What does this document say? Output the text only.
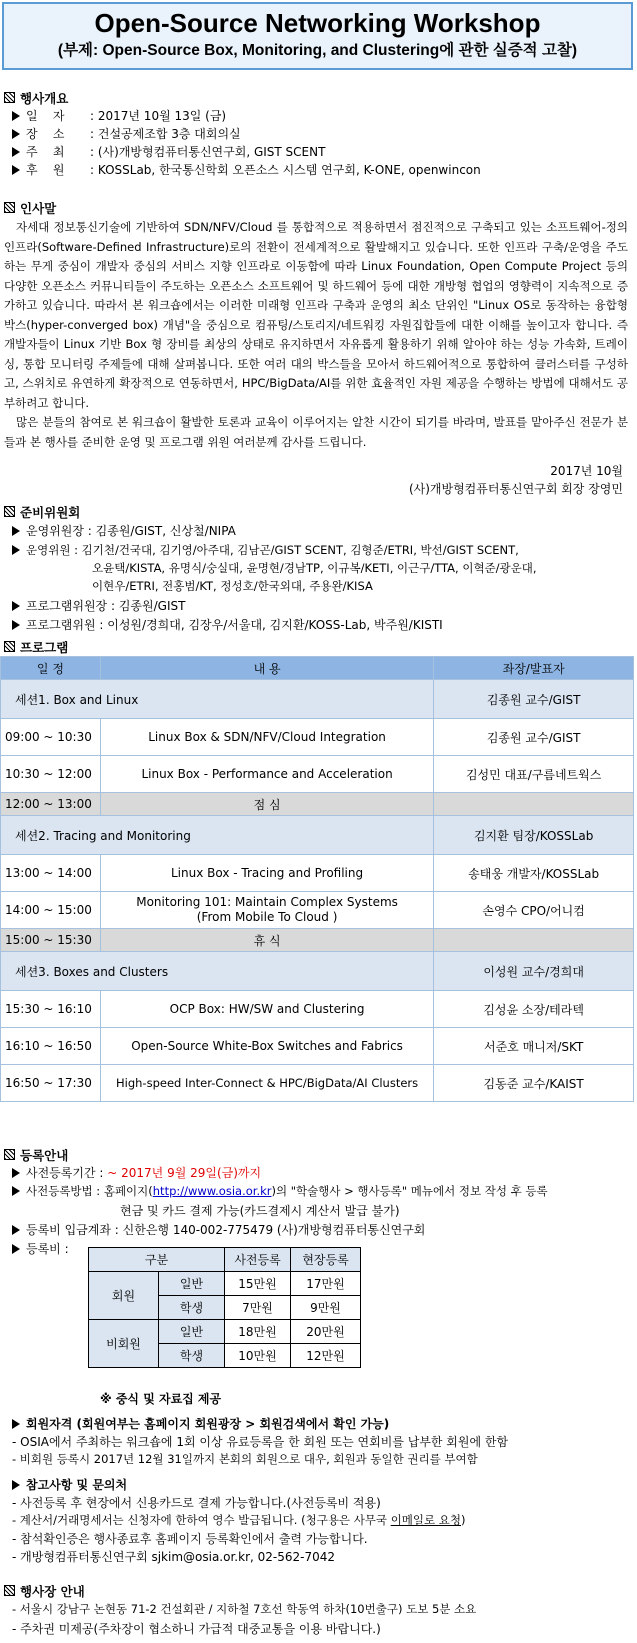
Open-Source Networking Workshop
(부제: Open-Source Box, Monitoring, and Clustering에 관한 실증적 고찰)
행사개요
일    자 : 2017년 10월 13일 (금)
장    소 : 건설공제조합 3층 대회의실
주    최 : (사)개방형컴퓨터통신연구회, GIST SCENT
후    원 : KOSSLab, 한국통신학회 오픈소스 시스템 연구회, K-ONE, openwincon
인사말

자세대 정보통신기술에 기반하여 SDN/NFV/Cloud 를 통합적으로 적용하면서 점진적으로 구축되고 있는 소프트웨어-정의 인프라(Software-Defined Infrastructure)로의 전환이 전세계적으로 활발해지고 있습니다. 또한 인프라 구축/운영을 주도하는 무게 중심이 개발자 중심의 서비스 지향 인프라로 이동함에 따라 Linux Foundation, Open Compute Project 등의 다양한 오픈소스 커뮤니티들이 주도하는 오픈소스 소프트웨어 및 하드웨어 등에 대한 개방형 협업의 영향력이 지속적으로 증가하고 있습니다. 따라서 본 워크숍에서는 이러한 미래형 인프라 구축과 운영의 최소 단위인 "Linux OS로 동작하는 융합형 박스(hyper-converged box) 개념"을 중심으로 컴퓨팅/스토리지/네트워킹 자원집합들에 대한 이해를 높이고자 합니다. 즉 개발자들이 Linux 기반 Box 형 장비를 최상의 상태로 유지하면서 자유롭게 활용하기 위해 알아야 하는 성능 가속화, 트레이싱, 통합 모니터링 주제들에 대해 살펴봅니다. 또한 여러 대의 박스들을 모아서 하드웨어적으로 통합하여 클러스터를 구성하고, 스위치로 유연하게 확장적으로 연동하면서, HPC/BigData/AI를 위한 효율적인 자원 제공을 수행하는 방법에 대해서도 공부하려고 합니다.

많은 분들의 참여로 본 워크숍이 활발한 토론과 교육이 이루어지는 알찬 시간이 되기를 바라며, 발표를 맡아주신 전문가 분들과 본 행사를 준비한 운영 및 프로그램 위원 여러분께 감사를 드립니다.

2017년 10월
(사)개방형컴퓨터통신연구회 회장 장영민
준비위원회
운영위원장 : 김종원/GIST, 신상철/NIPA
운영위원 : 김기천/건국대, 김기영/아주대, 김남곤/GIST SCENT, 김형준/ETRI, 박선/GIST SCENT,
오윤택/KISTA, 유명식/숭실대, 윤명현/경남TP, 이규복/KETI, 이근구/TTA, 이혁준/광운대,
이현우/ETRI, 전홍범/KT, 정성호/한국외대, 주용완/KISA
프로그램위원장 : 김종원/GIST
프로그램위원 : 이성원/경희대, 김장우/서울대, 김지환/KOSS-Lab, 박주원/KISTI
프로그램
일 정	내 용	좌장/발표자
세션1. Box and Linux		김종원 교수/GIST
09:00 ~ 10:30	Linux Box & SDN/NFV/Cloud Integration	김종원 교수/GIST
10:30 ~ 12:00	Linux Box - Performance and Acceleration	김성민 대표/구름네트웍스
12:00 ~ 13:00	점 심	
세션2. Tracing and Monitoring		김지환 팀장/KOSSLab
13:00 ~ 14:00	Linux Box - Tracing and Profiling	송태웅 개발자/KOSSLab
14:00 ~ 15:00	Monitoring 101: Maintain Complex Systems
(From Mobile To Cloud )	손영수 CPO/어니컴
15:00 ~ 15:30	휴 식	
세션3. Boxes and Clusters		이성원 교수/경희대
15:30 ~ 16:10	OCP Box: HW/SW and Clustering	김성윤 소장/테라텍
16:10 ~ 16:50	Open-Source White-Box Switches and Fabrics	서준호 매니저/SKT
16:50 ~ 17:30	High-speed Inter-Connect & HPC/BigData/AI Clusters	김동준 교수/KAIST
등록안내
사전등록기간 : ~ 2017년 9월 29일(금)까지
사전등록방법 : 홈페이지(http://www.osia.or.kr)의 "학술행사 > 행사등록" 메뉴에서 정보 작성 후 등록
현금 및 카드 결제 가능(카드결제시 계산서 발급 불가)
등록비 입금계좌 : 신한은행 140-002-775479 (사)개방형컴퓨터통신연구회
등록비 :
구분		사전등록	현장등록
회원	일반	15만원	17만원
	학생	7만원	9만원
비회원	일반	18만원	20만원
	학생	10만원	12만원
※ 중식 및 자료집 제공
회원자격 (회원여부는 홈페이지 회원광장 > 회원검색에서 확인 가능)
- OSIA에서 주최하는 워크숍에 1회 이상 유료등록을 한 회원 또는 연회비를 납부한 회원에 한함
- 비회원 등록시 2017년 12월 31일까지 본회의 회원으로 대우, 회원과 동일한 권리를 부여함
참고사항 및 문의처
- 사전등록 후 현장에서 신용카드로 결제 가능합니다.(사전등록비 적용)
- 계산서/거래명세서는 신청자에 한하여 영수 발급됩니다. (청구용은 사무국 이메일로 요청)
- 참석확인증은 행사종료후 홈페이지 등록확인에서 출력 가능합니다.
- 개방형컴퓨터통신연구회 sjkim@osia.or.kr, 02-562-7042
행사장 안내
- 서울시 강남구 논현동 71-2 건설회관 / 지하철 7호선 학동역 하차(10번출구) 도보 5분 소요
- 주차권 미제공(주차장이 협소하니 가급적 대중교통을 이용 바랍니다.)
